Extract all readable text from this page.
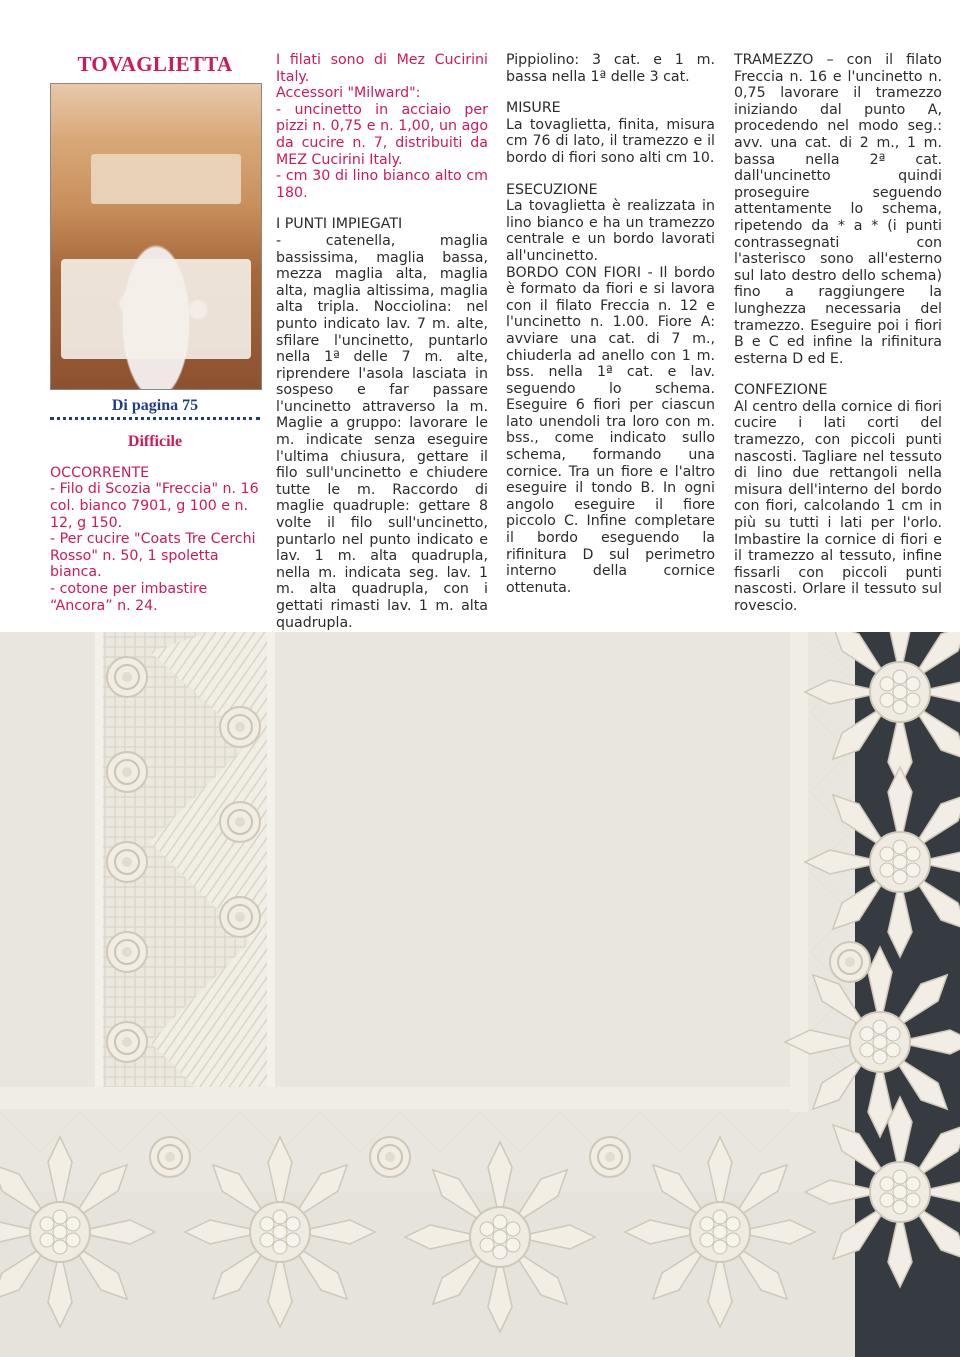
TOVAGLIETTA
Di pagina 75
Difficile

OCCORRENTE

- Filo di Scozia "Freccia" n. 16 col. bianco 7901, g 100 e n. 12, g 150.

- Per cucire "Coats Tre Cerchi Rosso" n. 50, 1 spoletta bianca.

- cotone per imbastire “Ancora” n. 24.

I filati sono di Mez Cucirini Italy.

Accessori "Milward":

- uncinetto in acciaio per pizzi n. 0,75 e n. 1,00, un ago da cucire n. 7, distribuiti da MEZ Cucirini Italy.

- cm 30 di lino bianco alto cm 180.

I PUNTI IMPIEGATI

- catenella, maglia bassissima, maglia bassa, mezza maglia alta, maglia alta, maglia altissima, maglia alta tripla. Nocciolina: nel punto indicato lav. 7 m. alte, sfilare l'uncinetto, puntarlo nella 1ª delle 7 m. alte, riprendere l'asola lasciata in sospeso e far passare l'uncinetto attraverso la m. Maglie a gruppo: lavorare le m. indicate senza eseguire l'ultima chiusura, gettare il filo sull'uncinetto e chiudere tutte le m. Raccordo di maglie quadruple: gettare 8 volte il filo sull'uncinetto, puntarlo nel punto indicato e lav. 1 m. alta quadrupla, nella m. indicata seg. lav. 1 m. alta quadrupla, con i gettati rimasti lav. 1 m. alta quadrupla.

Pippiolino: 3 cat. e 1 m. bassa nella 1ª delle 3 cat.

MISURE

La tovaglietta, finita, misura cm 76 di lato, il tramezzo e il bordo di fiori sono alti cm 10.

ESECUZIONE

La tovaglietta è realizzata in lino bianco e ha un tramezzo centrale e un bordo lavorati all'uncinetto.

BORDO CON FIORI - Il bordo è formato da fiori e si lavora con il filato Freccia n. 12 e l'uncinetto n. 1.00. Fiore A: avviare una cat. di 7 m., chiuderla ad anello con 1 m. bss. nella 1ª cat. e lav. seguendo lo schema. Eseguire 6 fiori per ciascun lato unendoli tra loro con m. bss., come indicato sullo schema, formando una cornice. Tra un fiore e l'altro eseguire il tondo B. In ogni angolo eseguire il fiore piccolo C. Infine completare il bordo eseguendo la rifinitura D sul perimetro interno della cornice ottenuta.

TRAMEZZO – con il filato Freccia n. 16 e l'uncinetto n. 0,75 lavorare il tramezzo iniziando dal punto A, procedendo nel modo seg.: avv. una cat. di 2 m., 1 m. bassa nella 2ª cat. dall'uncinetto quindi proseguire seguendo attentamente lo schema, ripetendo da * a * (i punti contrassegnati con l'asterisco sono all'esterno sul lato destro dello schema) fino a raggiungere la lunghezza necessaria del tramezzo. Eseguire poi i fiori B e C ed infine la rifinitura esterna D ed E.

CONFEZIONE

Al centro della cornice di fiori cucire i lati corti del tramezzo, con piccoli punti nascosti. Tagliare nel tessuto di lino due rettangoli nella misura dell'interno del bordo con fiori, calcolando 1 cm in più su tutti i lati per l'orlo. Imbastire la cornice di fiori e il tramezzo al tessuto, infine fissarli con piccoli punti nascosti. Orlare il tessuto sul rovescio.
